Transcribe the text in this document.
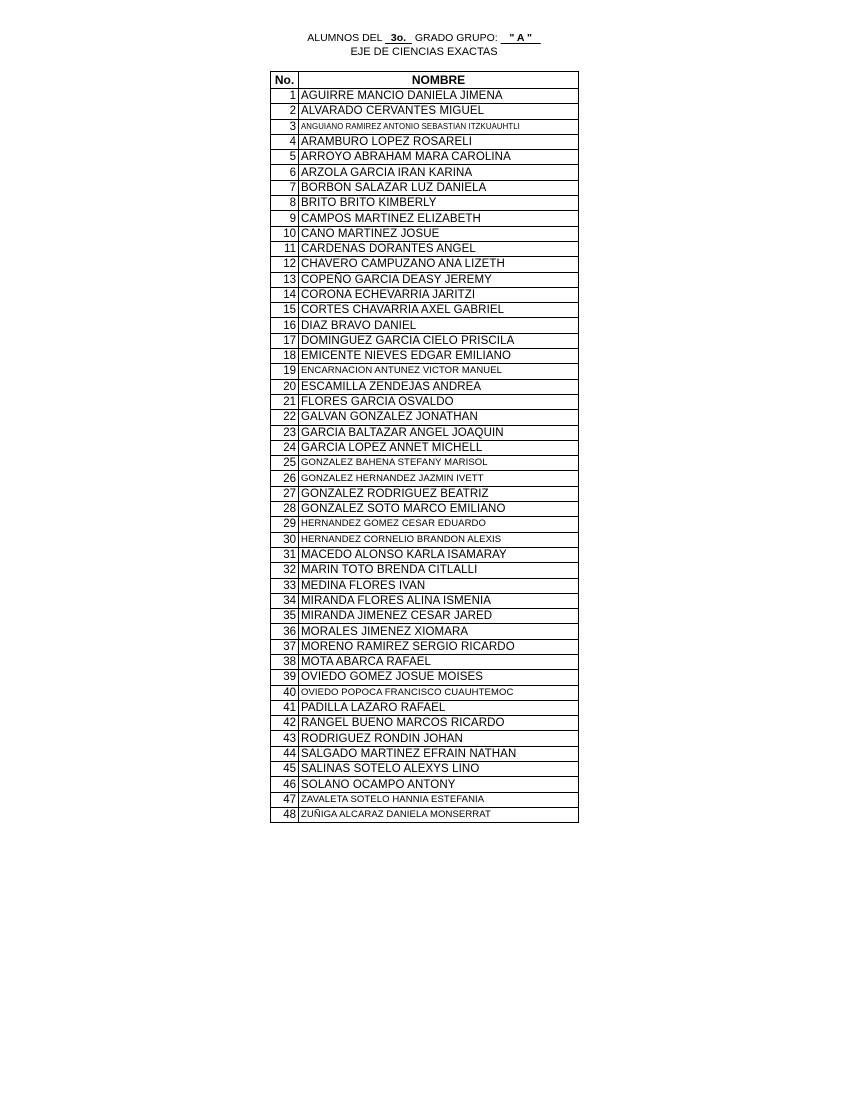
ALUMNOS DEL 3o. GRADO GRUPO: " A "
EJE DE CIENCIAS EXACTAS
No.	NOMBRE
1	AGUIRRE MANCIO DANIELA JIMENA
2	ALVARADO CERVANTES MIGUEL
3	ANGUIANO RAMIREZ ANTONIO SEBASTIAN ITZKUAUHTLI
4	ARAMBURO LOPEZ ROSARELI
5	ARROYO ABRAHAM MARA CAROLINA
6	ARZOLA GARCIA IRAN KARINA
7	BORBON SALAZAR LUZ DANIELA
8	BRITO BRITO KIMBERLY
9	CAMPOS MARTINEZ ELIZABETH
10	CANO MARTINEZ JOSUE
11	CARDENAS DORANTES ANGEL
12	CHAVERO CAMPUZANO ANA LIZETH
13	COPEÑO GARCIA DEASY JEREMY
14	CORONA ECHEVARRIA JARITZI
15	CORTES CHAVARRIA AXEL GABRIEL
16	DIAZ BRAVO DANIEL
17	DOMINGUEZ GARCIA CIELO PRISCILA
18	EMICENTE NIEVES EDGAR EMILIANO
19	ENCARNACION ANTUNEZ VICTOR MANUEL
20	ESCAMILLA ZENDEJAS ANDREA
21	FLORES GARCIA OSVALDO
22	GALVAN GONZALEZ JONATHAN
23	GARCIA BALTAZAR ANGEL JOAQUIN
24	GARCIA LOPEZ ANNET MICHELL
25	GONZALEZ BAHENA STEFANY MARISOL
26	GONZALEZ HERNANDEZ JAZMIN IVETT
27	GONZALEZ RODRIGUEZ BEATRIZ
28	GONZALEZ SOTO MARCO EMILIANO
29	HERNANDEZ GOMEZ CESAR EDUARDO
30	HERNANDEZ CORNELIO BRANDON ALEXIS
31	MACEDO ALONSO KARLA ISAMARAY
32	MARIN TOTO BRENDA CITLALLI
33	MEDINA FLORES IVAN
34	MIRANDA FLORES ALINA ISMENIA
35	MIRANDA JIMENEZ CESAR JARED
36	MORALES JIMENEZ XIOMARA
37	MORENO RAMIREZ SERGIO RICARDO
38	MOTA ABARCA RAFAEL
39	OVIEDO GOMEZ JOSUE MOISES
40	OVIEDO POPOCA FRANCISCO CUAUHTEMOC
41	PADILLA LAZARO RAFAEL
42	RANGEL BUENO MARCOS RICARDO
43	RODRIGUEZ RONDIN JOHAN
44	SALGADO MARTINEZ EFRAIN NATHAN
45	SALINAS SOTELO ALEXYS LINO
46	SOLANO OCAMPO ANTONY
47	ZAVALETA SOTELO HANNIA ESTEFANIA
48	ZUÑIGA ALCARAZ DANIELA MONSERRAT
